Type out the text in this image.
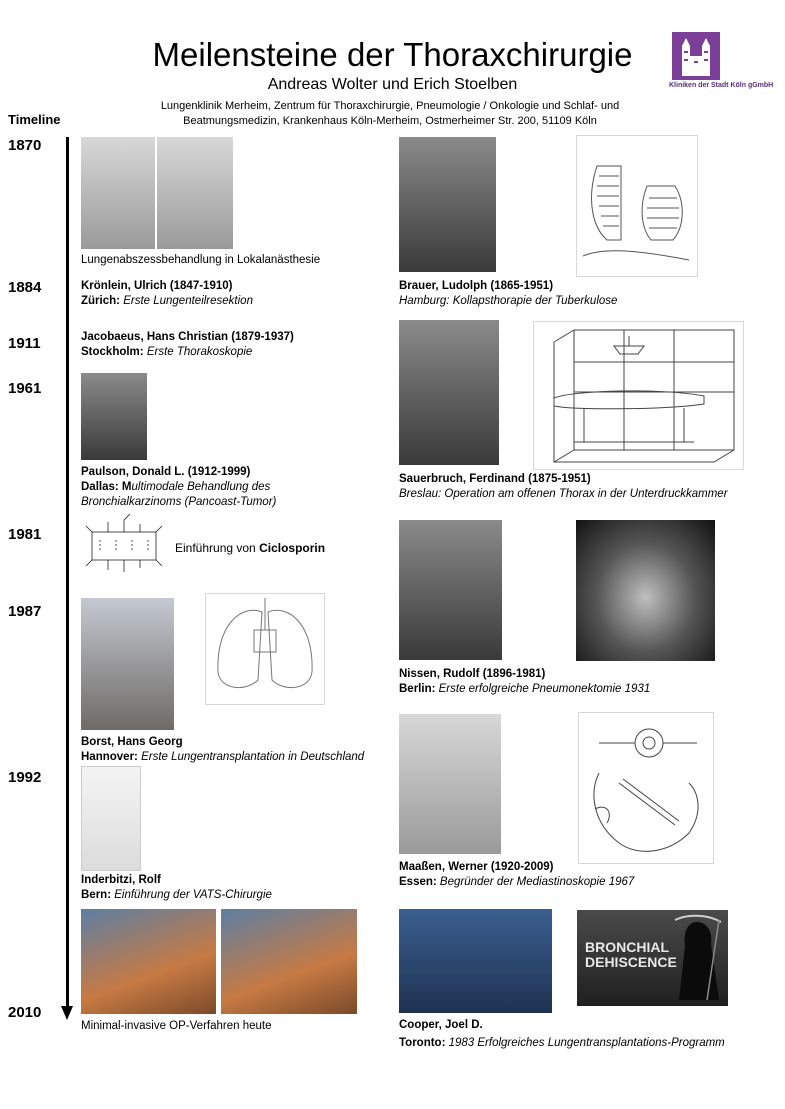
Meilensteine der Thoraxchirurgie
Andreas Wolter und Erich Stoelben
Lungenklinik Merheim, Zentrum für Thoraxchirurgie, Pneumologie / Onkologie und Schlaf- und
Beatmungsmedizin, Krankenhaus Köln-Merheim, Ostmerheimer Str. 200, 51109 Köln
Kliniken der Stadt Köln gGmbH
Timeline
1870
1884
1911
1961
1981
1987
1992
2010
Lungenabszessbehandlung in Lokalanästhesie
Krönlein, Ulrich (1847-1910)
Zürich: Erste Lungenteilresektion
Jacobaeus, Hans Christian (1879-1937)
Stockholm: Erste Thorakoskopie
Paulson, Donald L. (1912-1999)
Dallas: Multimodale Behandlung des
Bronchialkarzinoms (Pancoast-Tumor)
Einführung von Ciclosporin
Borst, Hans Georg
Hannover: Erste Lungentransplantation in Deutschland
Inderbitzi, Rolf
Bern: Einführung der VATS-Chirurgie
Minimal-invasive OP-Verfahren heute
Brauer, Ludolph (1865-1951)
Hamburg: Kollapsthorapie der Tuberkulose
Sauerbruch, Ferdinand (1875-1951)
Breslau: Operation am offenen Thorax in der Unterdruckkammer
Nissen, Rudolf (1896-1981)
Berlin: Erste erfolgreiche Pneumonektomie 1931
Maaßen, Werner (1920-2009)
Essen: Begründer der Mediastinoskopie 1967
BRONCHIAL
DEHISCENCE
Cooper, Joel D.
Toronto: 1983 Erfolgreiches Lungentransplantations-Programm
